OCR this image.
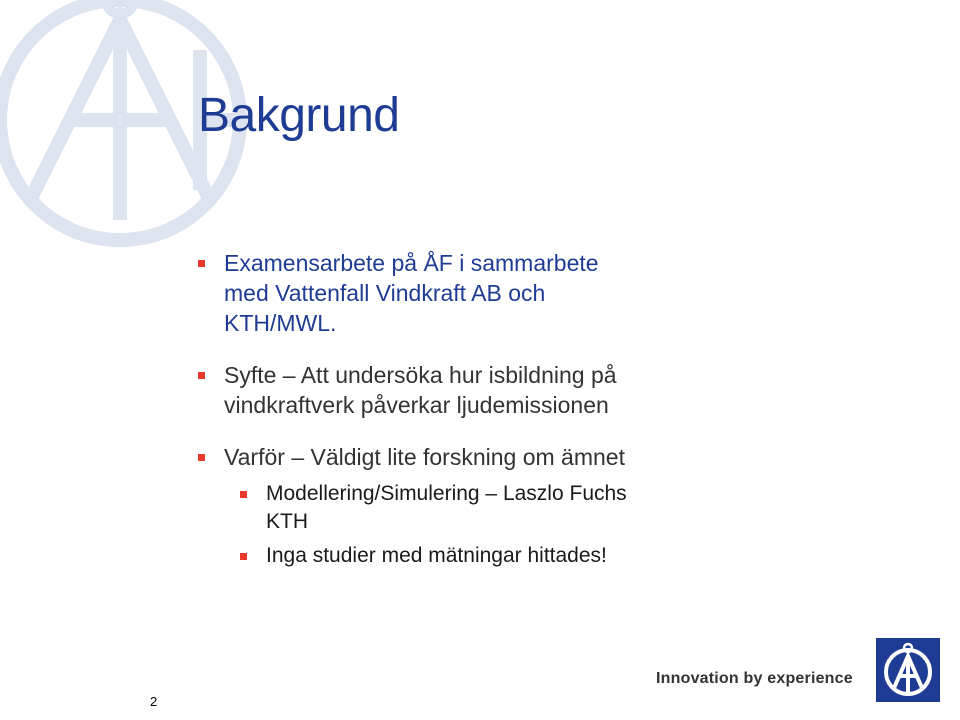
Bakgrund
Examensarbete på ÅF i sammarbete
med Vattenfall Vindkraft AB och
KTH/MWL.
Syfte – Att undersöka hur isbildning på
vindkraftverk påverkar ljudemissionen
Varför – Väldigt lite forskning om ämnet
Modellering/Simulering – Laszlo Fuchs
KTH
Inga studier med mätningar hittades!
2
Innovation by experience
